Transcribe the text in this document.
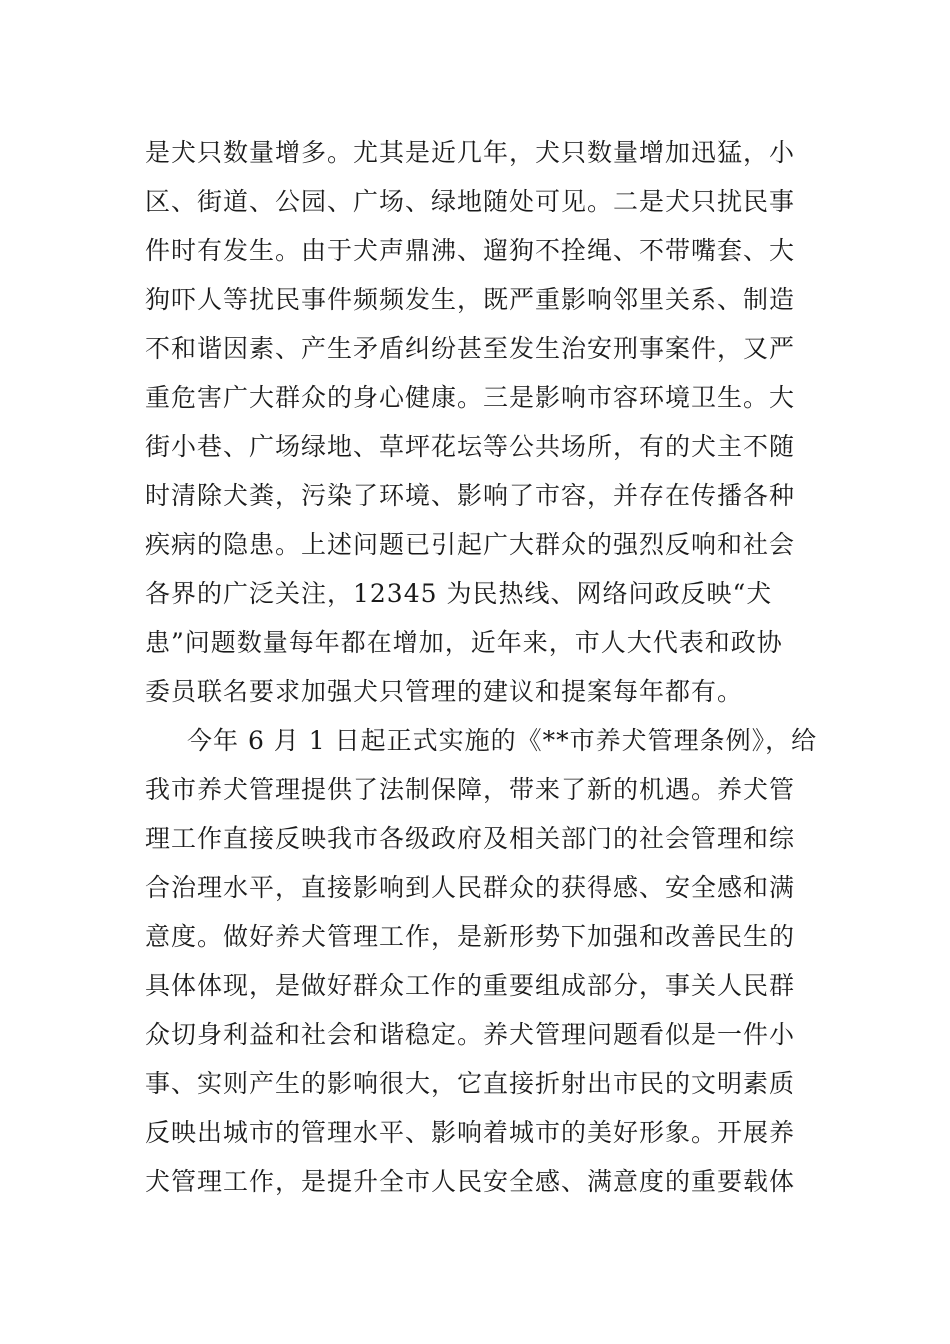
是犬只数量增多。尤其是近几年，犬只数量增加迅猛，小
区、街道、公园、广场、绿地随处可见。二是犬只扰民事
件时有发生。由于犬声鼎沸、遛狗不拴绳、不带嘴套、大
狗吓人等扰民事件频频发生，既严重影响邻里关系、制造
不和谐因素、产生矛盾纠纷甚至发生治安刑事案件，又严
重危害广大群众的身心健康。三是影响市容环境卫生。大
街小巷、广场绿地、草坪花坛等公共场所，有的犬主不随
时清除犬粪，污染了环境、影响了市容，并存在传播各种
疾病的隐患。上述问题已引起广大群众的强烈反响和社会
各界的广泛关注，12345 为民热线、网络问政反映“犬
患”问题数量每年都在增加，近年来，市人大代表和政协
委员联名要求加强犬只管理的建议和提案每年都有。
今年 6 月 1 日起正式实施的《**市养犬管理条例》，给
我市养犬管理提供了法制保障，带来了新的机遇。养犬管
理工作直接反映我市各级政府及相关部门的社会管理和综
合治理水平，直接影响到人民群众的获得感、安全感和满
意度。做好养犬管理工作，是新形势下加强和改善民生的
具体体现，是做好群众工作的重要组成部分，事关人民群
众切身利益和社会和谐稳定。养犬管理问题看似是一件小
事、实则产生的影响很大，它直接折射出市民的文明素质
反映出城市的管理水平、影响着城市的美好形象。开展养
犬管理工作，是提升全市人民安全感、满意度的重要载体
